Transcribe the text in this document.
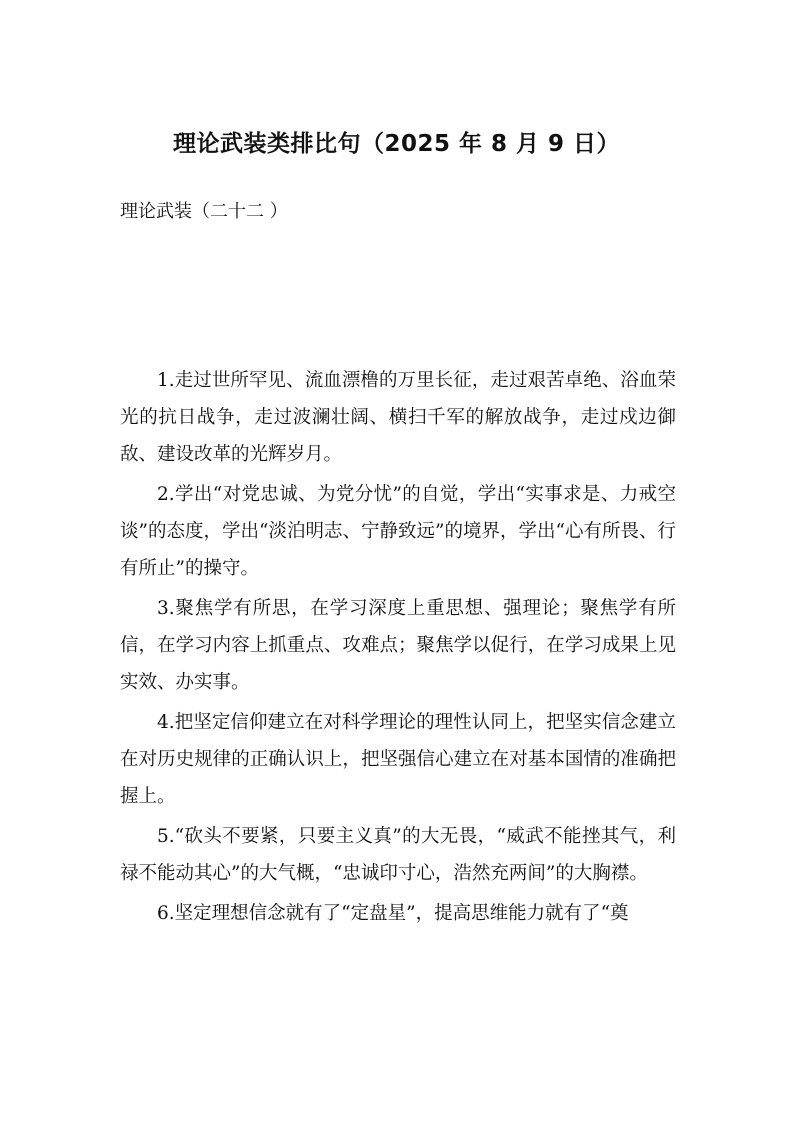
理论武装类排比句（2025 年 8 月 9 日）
理论武装（二十二 ）

1.走过世所罕见、流血漂橹的万里长征，走过艰苦卓绝、浴血荣光的抗日战争，走过波澜壮阔、横扫千军的解放战争，走过戍边御敌、建设改革的光辉岁月。

2.学出“对党忠诚、为党分忧”的自觉，学出“实事求是、力戒空谈”的态度，学出“淡泊明志、宁静致远”的境界，学出“心有所畏、行有所止”的操守。

3.聚焦学有所思，在学习深度上重思想、强理论；聚焦学有所信，在学习内容上抓重点、攻难点；聚焦学以促行，在学习成果上见实效、办实事。

4.把坚定信仰建立在对科学理论的理性认同上，把坚实信念建立在对历史规律的正确认识上，把坚强信心建立在对基本国情的准确把握上。

5.“砍头不要紧，只要主义真”的大无畏，“威武不能挫其气，利禄不能动其心”的大气概，“忠诚印寸心，浩然充两间”的大胸襟。

6.坚定理想信念就有了“定盘星”，提高思维能力就有了“奠
